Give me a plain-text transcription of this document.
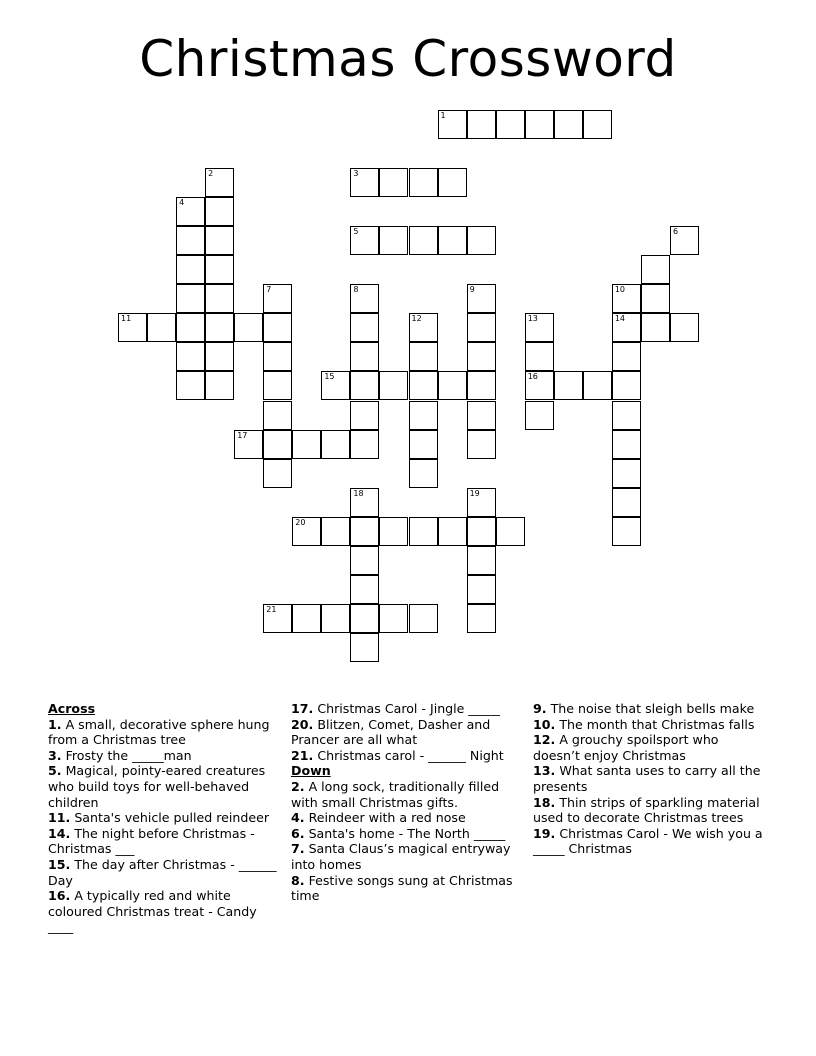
Christmas Crossword
1
2	3
4
5	6
7	8	9	10
11	12	13	14
15	16
17
18	19
20
21
Across
1. A small, decorative sphere hung from a Christmas tree
3. Frosty the _____man
5. Magical, pointy-eared creatures who build toys for well-behaved children
11. Santa's vehicle pulled reindeer
14. The night before Christmas - Christmas ___
15. The day after Christmas - ______ Day
16. A typically red and white coloured Christmas treat - Candy ____
17. Christmas Carol - Jingle _____
20. Blitzen, Comet, Dasher and Prancer are all what
21. Christmas carol - ______ Night
Down
2. A long sock, traditionally filled with small Christmas gifts.
4. Reindeer with a red nose
6. Santa's home - The North _____
7. Santa Claus’s magical entryway into homes
8. Festive songs sung at Christmas time
9. The noise that sleigh bells make
10. The month that Christmas falls
12. A grouchy spoilsport who doesn’t enjoy Christmas
13. What santa uses to carry all the presents
18. Thin strips of sparkling material used to decorate Christmas trees
19. Christmas Carol - We wish you a _____ Christmas
